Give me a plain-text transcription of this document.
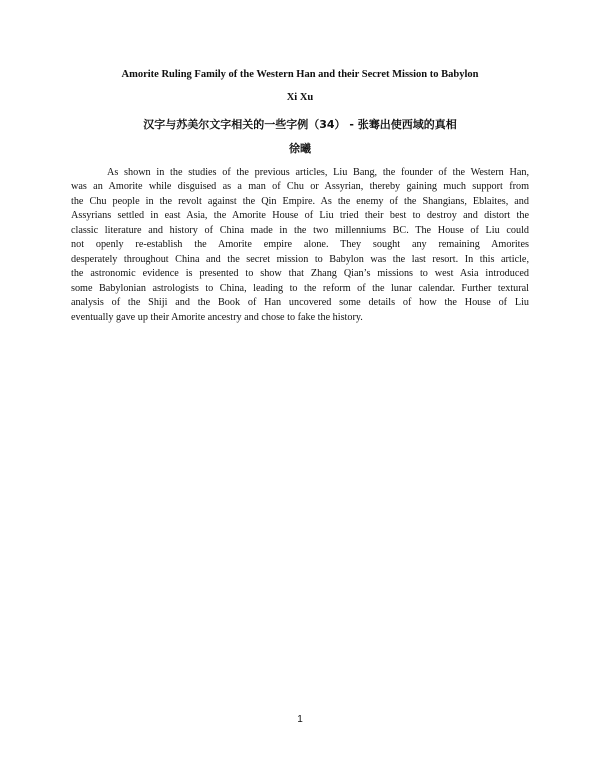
Amorite Ruling Family of the Western Han and their Secret Mission to Babylon
Xi Xu
汉字与苏美尔文字相关的一些字例（34） - 张骞出使西域的真相
徐曦
As shown in the studies of the previous articles, Liu Bang, the founder of the Western Han,
was an Amorite while disguised as a man of Chu or Assyrian, thereby gaining much support from
the Chu people in the revolt against the Qin Empire. As the enemy of the Shangians, Eblaites, and
Assyrians settled in east Asia, the Amorite House of Liu tried their best to destroy and distort the
classic literature and history of China made in the two millenniums BC. The House of Liu could
not openly re-establish the Amorite empire alone. They sought any remaining Amorites
desperately throughout China and the secret mission to Babylon was the last resort. In this article,
the astronomic evidence is presented to show that Zhang Qian’s missions to west Asia introduced
some Babylonian astrologists to China, leading to the reform of the lunar calendar. Further textural
analysis of the Shiji and the Book of Han uncovered some details of how the House of Liu
eventually gave up their Amorite ancestry and chose to fake the history.
1
